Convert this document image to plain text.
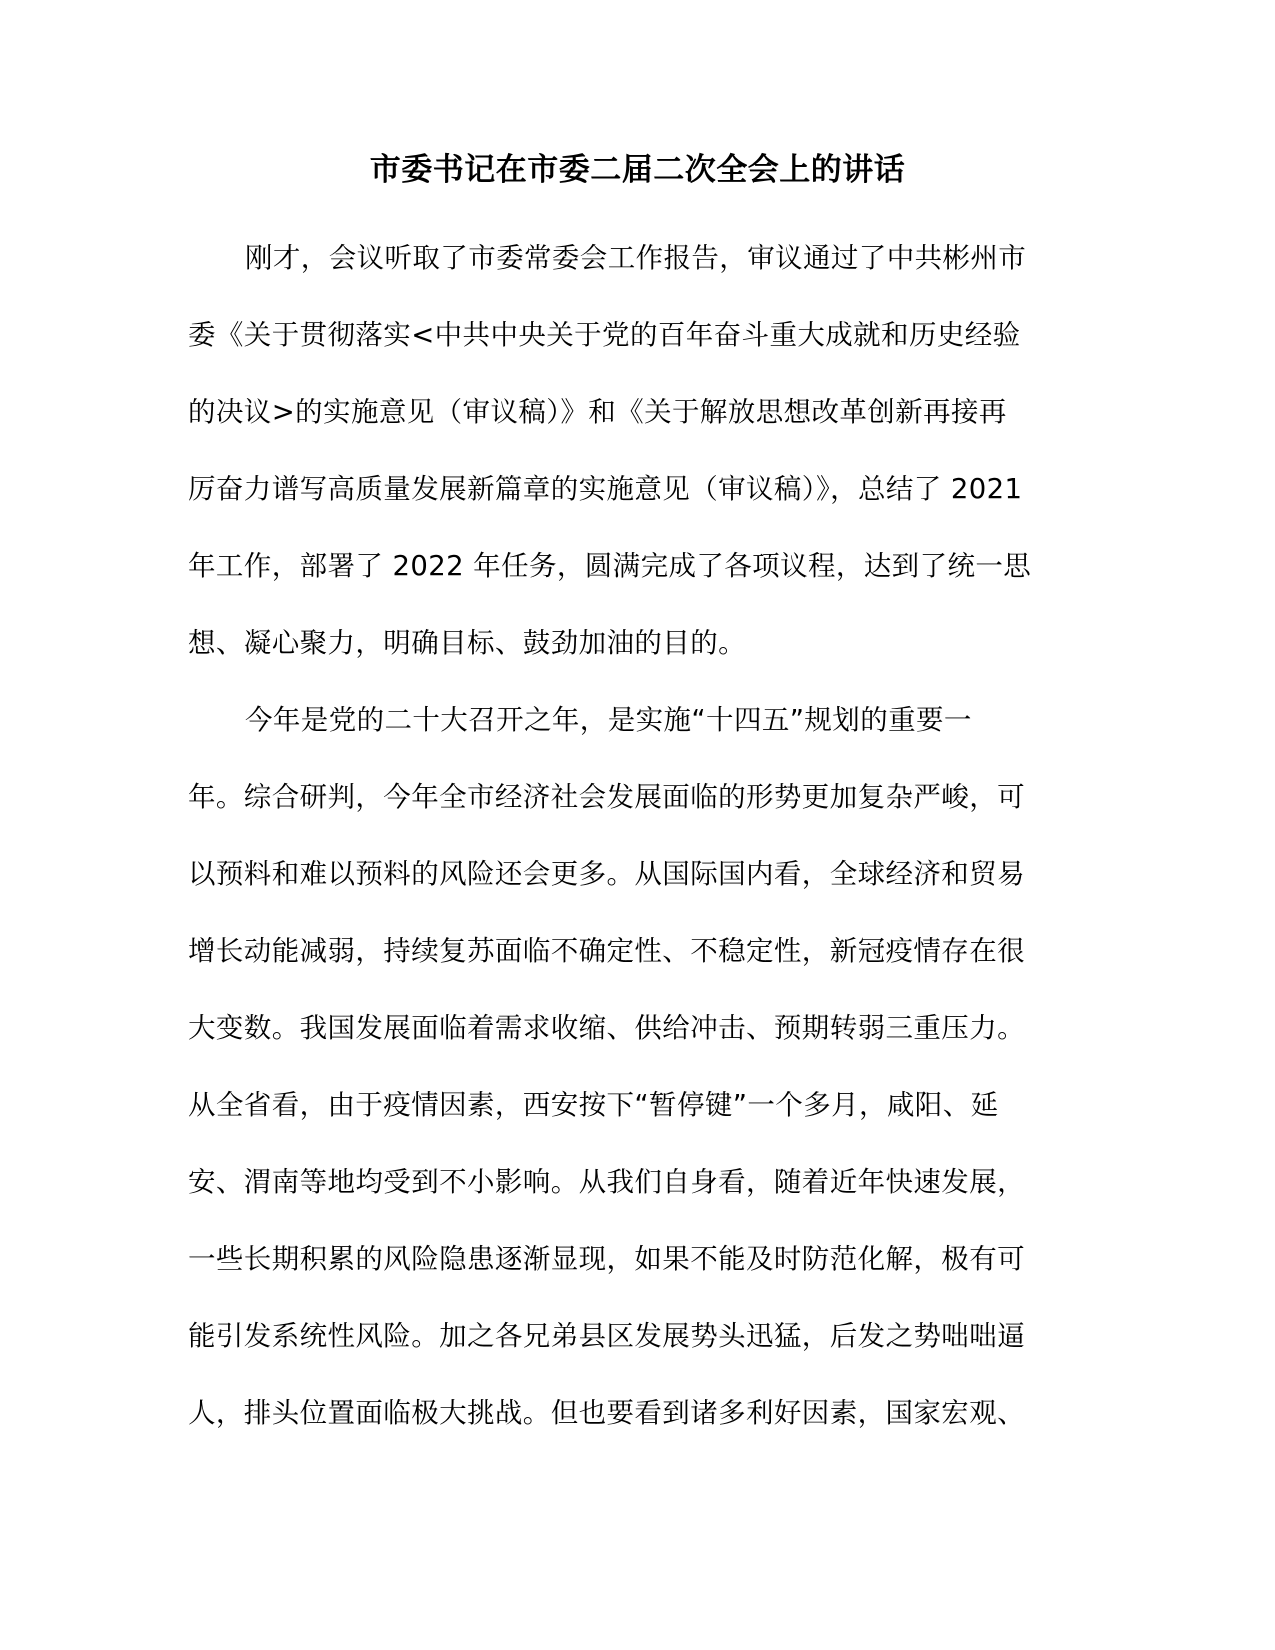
市委书记在市委二届二次全会上的讲话
刚才，会议听取了市委常委会工作报告，审议通过了中共彬州市
委《关于贯彻落实<中共中央关于党的百年奋斗重大成就和历史经验
的决议>的实施意见（审议稿）》和《关于解放思想改革创新再接再
厉奋力谱写高质量发展新篇章的实施意见（审议稿）》，总结了 2021
年工作，部署了 2022 年任务，圆满完成了各项议程，达到了统一思
想、凝心聚力，明确目标、鼓劲加油的目的。
今年是党的二十大召开之年，是实施“十四五”规划的重要一
年。综合研判，今年全市经济社会发展面临的形势更加复杂严峻，可
以预料和难以预料的风险还会更多。从国际国内看，全球经济和贸易
增长动能减弱，持续复苏面临不确定性、不稳定性，新冠疫情存在很
大变数。我国发展面临着需求收缩、供给冲击、预期转弱三重压力。
从全省看，由于疫情因素，西安按下“暂停键”一个多月，咸阳、延
安、渭南等地均受到不小影响。从我们自身看，随着近年快速发展，
一些长期积累的风险隐患逐渐显现，如果不能及时防范化解，极有可
能引发系统性风险。加之各兄弟县区发展势头迅猛，后发之势咄咄逼
人，排头位置面临极大挑战。但也要看到诸多利好因素，国家宏观、
